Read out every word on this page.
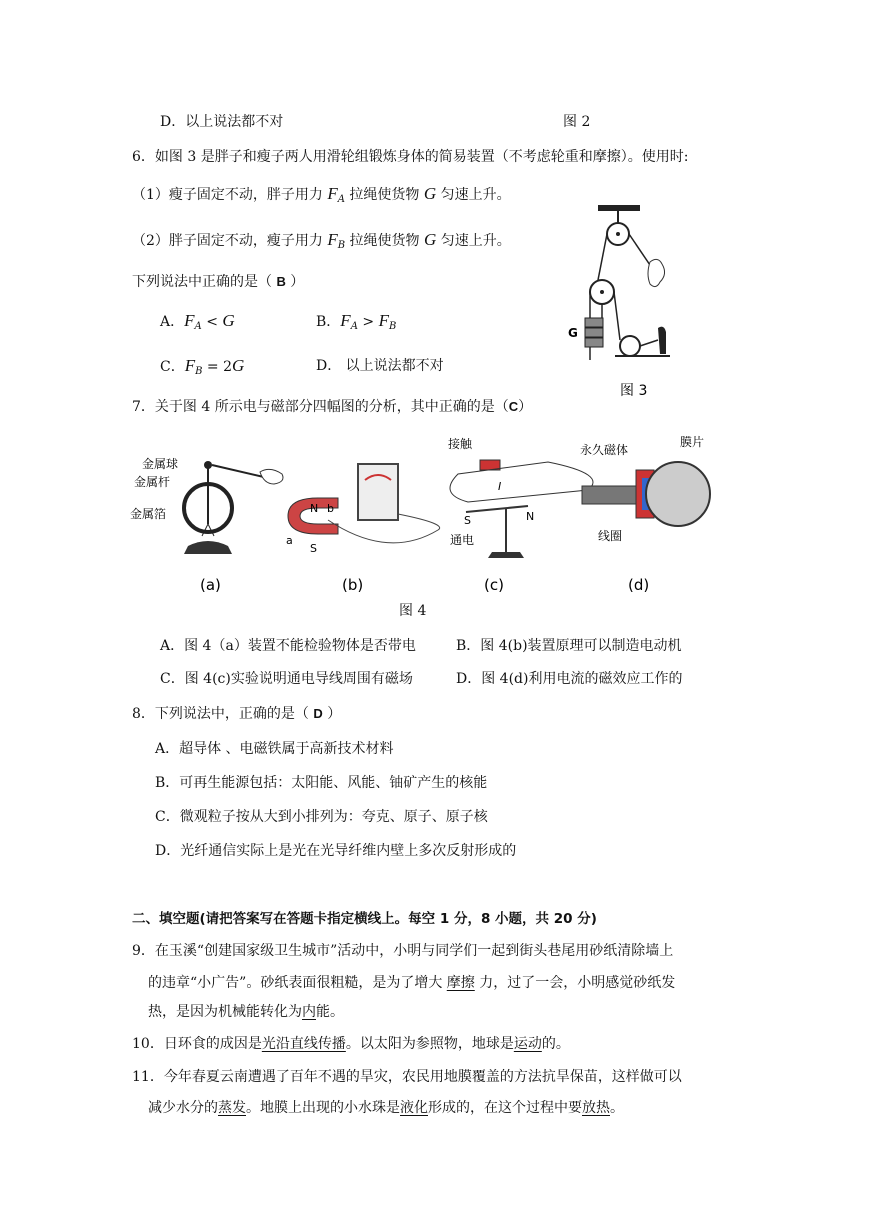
D．以上说法都不对	图 2
6．如图 3 是胖子和瘦子两人用滑轮组锻炼身体的简易装置（不考虑轮重和摩擦）。使用时:
（1）瘦子固定不动，胖子用力 $F_A$ 拉绳使货物 G 匀速上升。
（2）胖子固定不动，瘦子用力 $F_B$ 拉绳使货物 G 匀速上升。
下列说法中正确的是（ B ）
A．$F_A < G$	B．$F_A > F_B$
C．$F_B = 2G$	D． 以上说法都不对
G
图 3
7．关于图 4 所示电与磁部分四幅图的分析，其中正确的是（C）
金属球
金属杆
金属箔
(a)
N b
a
S
(b)
接触
S	N
I
通电
(c)
永久磁体
膜片
线圈
(d)
图 4
A．图 4（a）装置不能检验物体是否带电	B．图 4(b)装置原理可以制造电动机
C．图 4(c)实验说明通电导线周围有磁场	D．图 4(d)利用电流的磁效应工作的
8．下列说法中，正确的是（ D ）
A．超导体 、电磁铁属于高新技术材料
B．可再生能源包括：太阳能、风能、铀矿产生的核能
C．微观粒子按从大到小排列为：夸克、原子、原子核
D．光纤通信实际上是光在光导纤维内壁上多次反射形成的
二、填空题(请把答案写在答题卡指定横线上。每空 1 分，8 小题，共 20 分)
9．在玉溪“创建国家级卫生城市”活动中，小明与同学们一起到街头巷尾用砂纸清除墙上
的违章“小广告”。砂纸表面很粗糙，是为了增大 摩擦 力，过了一会，小明感觉砂纸发
热，是因为机械能转化为内能。
10．日环食的成因是光沿直线传播。以太阳为参照物，地球是运动的。
11．今年春夏云南遭遇了百年不遇的旱灾，农民用地膜覆盖的方法抗旱保苗，这样做可以
减少水分的蒸发。地膜上出现的小水珠是液化形成的，在这个过程中要放热。
